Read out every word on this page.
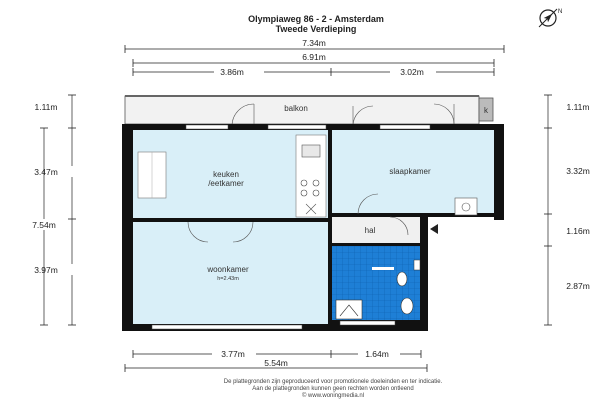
Olympiaweg 86 - 2 - Amsterdam
Tweede Verdieping
N
7.34m
6.91m
3.86m	3.02m
1.11m
7.54m
3.47m
3.97m
1.11m
3.32m
1.16m
2.87m
3.77m	1.64m
5.54m
balkon	k
keuken
/eetkamer
slaapkamer
hal
woonkamer
h=2.43m
De plattegronden zijn geproduceerd voor promotionele doeleinden en ter indicatie.
Aan de plattegronden kunnen geen rechten worden ontleend
© www.woningmedia.nl
